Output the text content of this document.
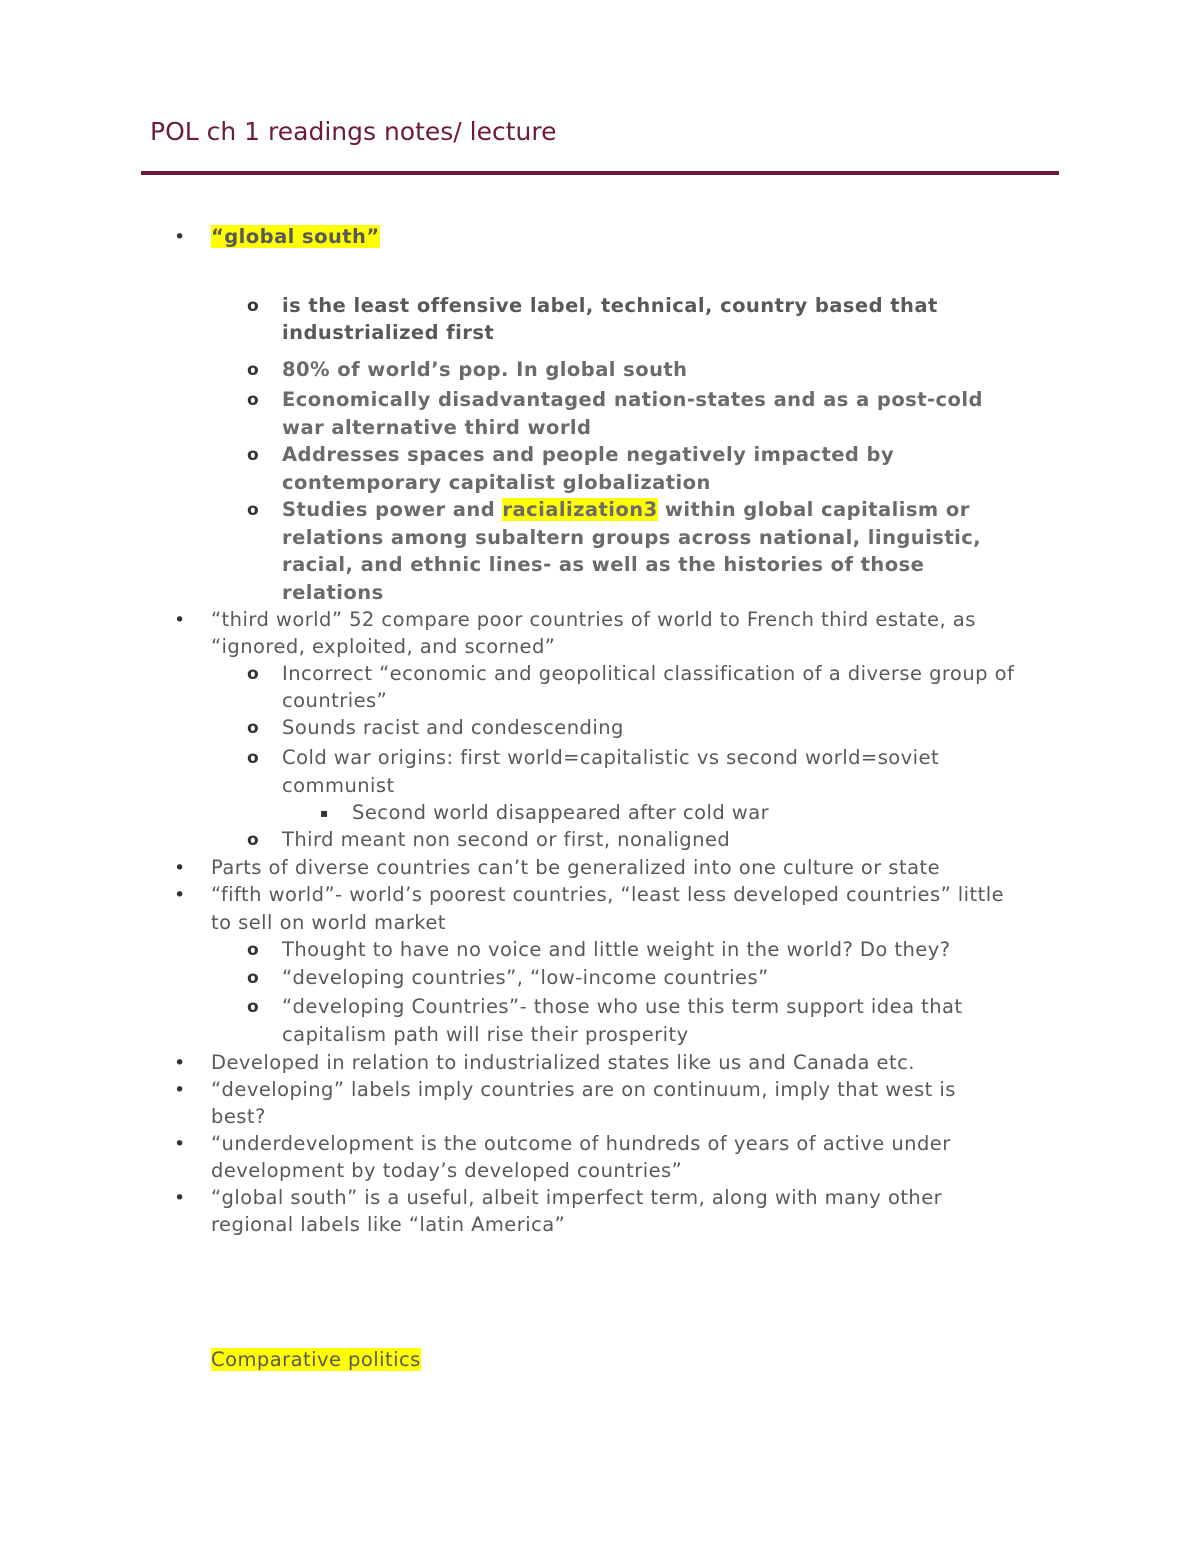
POL ch 1 readings notes/ lecture
• “global south”

o is the least offensive label, technical, country based that

industrialized first

o 80% of world’s pop. In global south

o Economically disadvantaged nation-states and as a post-cold

war alternative third world

o Addresses spaces and people negatively impacted by

contemporary capitalist globalization

o Studies power and racialization3 within global capitalism or

relations among subaltern groups across national, linguistic,

racial, and ethnic lines- as well as the histories of those

relations

• “third world” 52 compare poor countries of world to French third estate, as

“ignored, exploited, and scorned”

o Incorrect “economic and geopolitical classification of a diverse group of

countries”

o Sounds racist and condescending

o Cold war origins: first world=capitalistic vs second world=soviet

communist

▪ Second world disappeared after cold war

o Third meant non second or first, nonaligned

• Parts of diverse countries can’t be generalized into one culture or state

• “fifth world”- world’s poorest countries, “least less developed countries” little

to sell on world market

o Thought to have no voice and little weight in the world? Do they?

o “developing countries”, “low-income countries”

o “developing Countries”- those who use this term support idea that

capitalism path will rise their prosperity

• Developed in relation to industrialized states like us and Canada etc.

• “developing” labels imply countries are on continuum, imply that west is

best?

• “underdevelopment is the outcome of hundreds of years of active under

development by today’s developed countries”

• “global south” is a useful, albeit imperfect term, along with many other

regional labels like “latin America”

Comparative politics
